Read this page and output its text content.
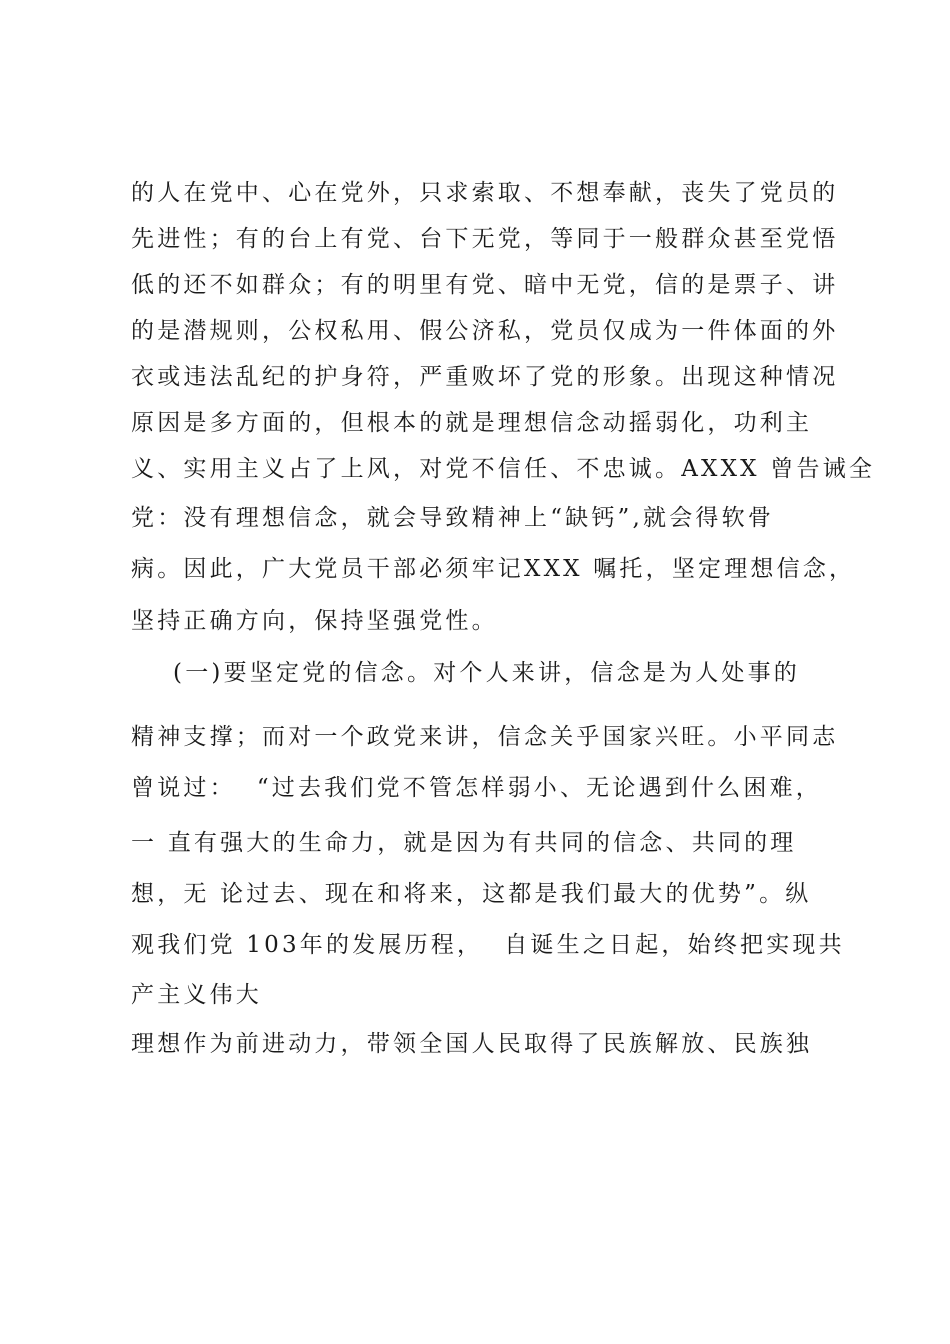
的人在党中、心在党外，只求索取、不想奉献，丧失了党员的
先进性；有的台上有党、台下无党，等同于一般群众甚至党悟
低的还不如群众；有的明里有党、暗中无党，信的是票子、讲
的是潜规则，公权私用、假公济私，党员仅成为一件体面的外
衣或违法乱纪的护身符，严重败坏了党的形象。出现这种情况
原因是多方面的，但根本的就是理想信念动摇弱化，功利主
义、实用主义占了上风，对党不信任、不忠诚。AXXX 曾告诫全
党：没有理想信念，就会导致精神上“缺钙”,就会得软骨
病。因此，广大党员干部必须牢记XXX 嘱托，坚定理想信念，
坚持正确方向，保持坚强党性。
(一)要坚定党的信念。对个人来讲，信念是为人处事的
精神支撑；而对一个政党来讲，信念关乎国家兴旺。小平同志
曾说过：  “过去我们党不管怎样弱小、无论遇到什么困难，
一 直有强大的生命力，就是因为有共同的信念、共同的理
想，无 论过去、现在和将来，这都是我们最大的优势”。纵
观我们党 103年的发展历程，  自诞生之日起，始终把实现共
产主义伟大
理想作为前进动力，带领全国人民取得了民族解放、民族独
